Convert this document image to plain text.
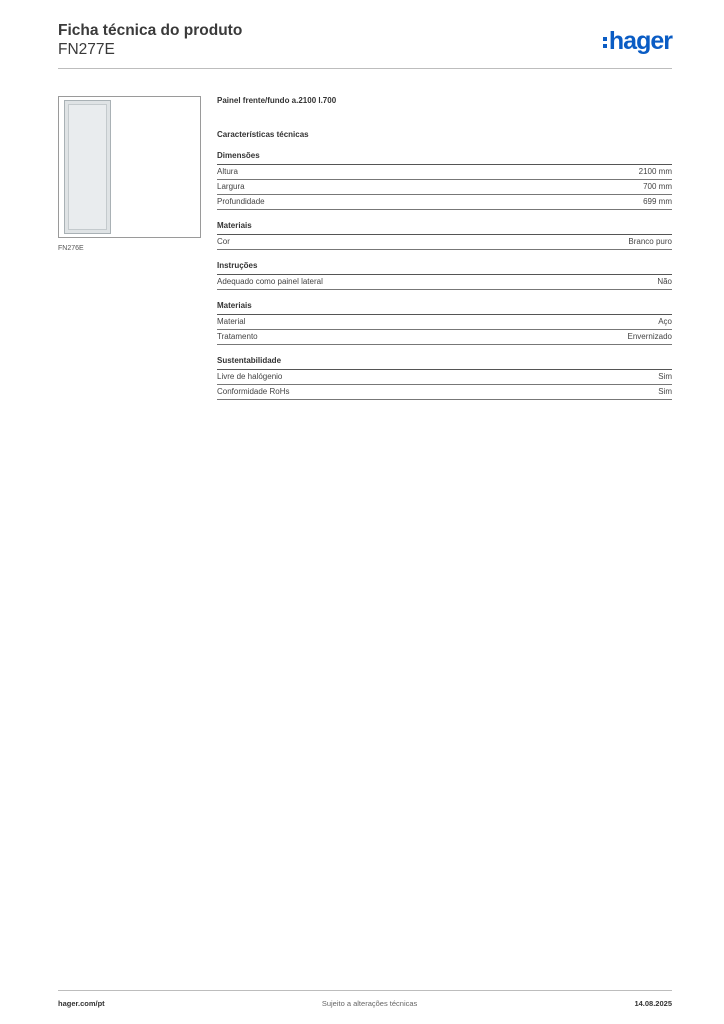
Ficha técnica do produto
FN277E	hager
FN276E
Painel frente/fundo a.2100 l.700
Características técnicas
Dimensões
Altura	2100 mm
Largura	700 mm
Profundidade	699 mm
Materiais
Cor	Branco puro
Instruções
Adequado como painel lateral	Não
Materiais
Material	Aço
Tratamento	Envernizado
Sustentabilidade
Livre de halógenio	Sim
Conformidade RoHs	Sim
hager.com/pt	Sujeito a alterações técnicas	14.08.2025
